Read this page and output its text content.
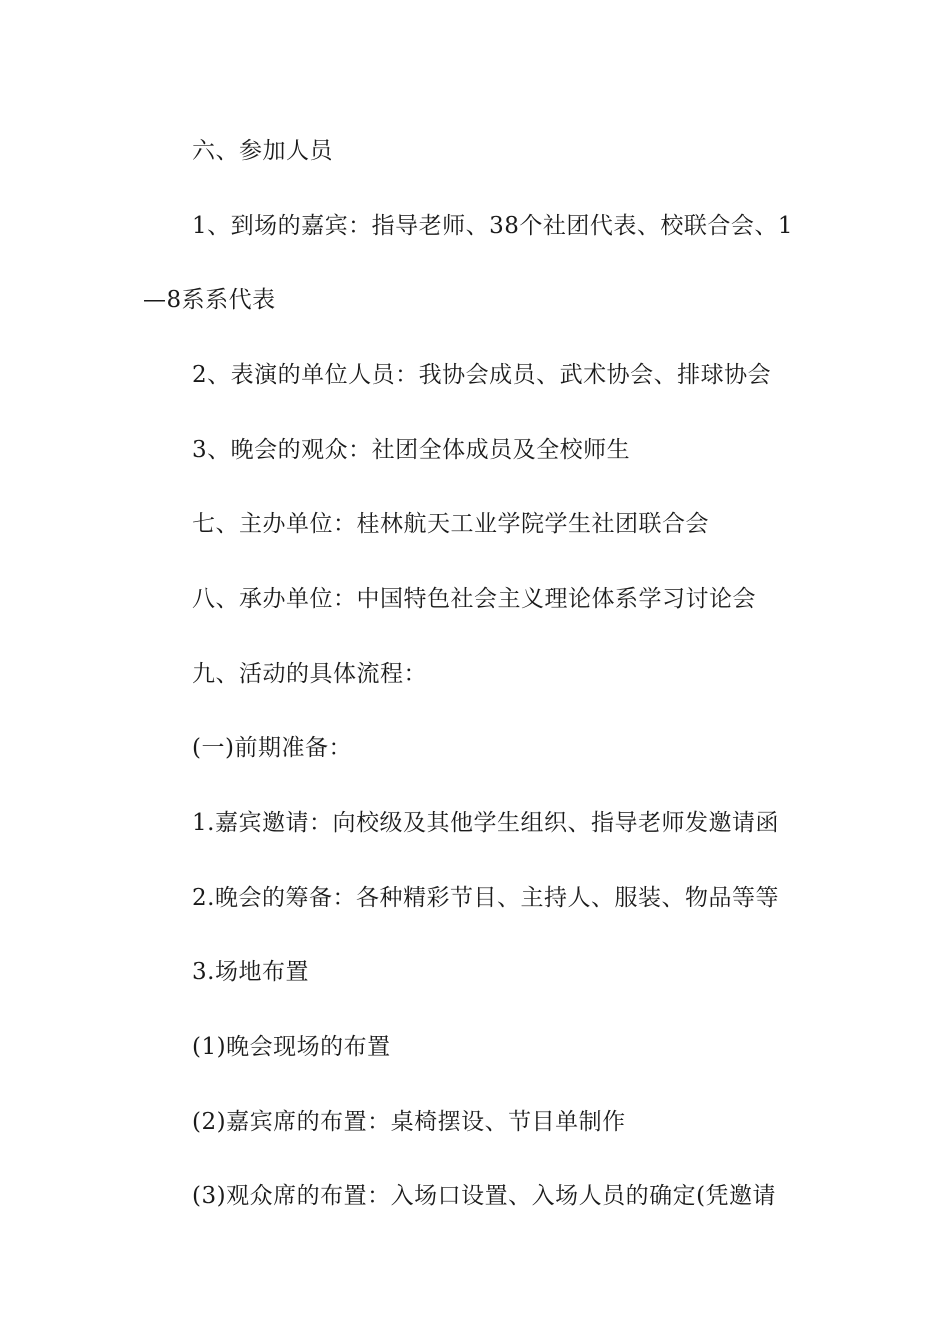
六、参加人员
1、到场的嘉宾：指导老师、38个社团代表、校联合会、1
—8系系代表
2、表演的单位人员：我协会成员、武术协会、排球协会
3、晚会的观众：社团全体成员及全校师生
七、主办单位：桂林航天工业学院学生社团联合会
八、承办单位：中国特色社会主义理论体系学习讨论会
九、活动的具体流程：
(一)前期准备：
1.嘉宾邀请：向校级及其他学生组织、指导老师发邀请函
2.晚会的筹备：各种精彩节目、主持人、服装、物品等等
3.场地布置
(1)晚会现场的布置
(2)嘉宾席的布置：桌椅摆设、节目单制作
(3)观众席的布置：入场口设置、入场人员的确定(凭邀请
